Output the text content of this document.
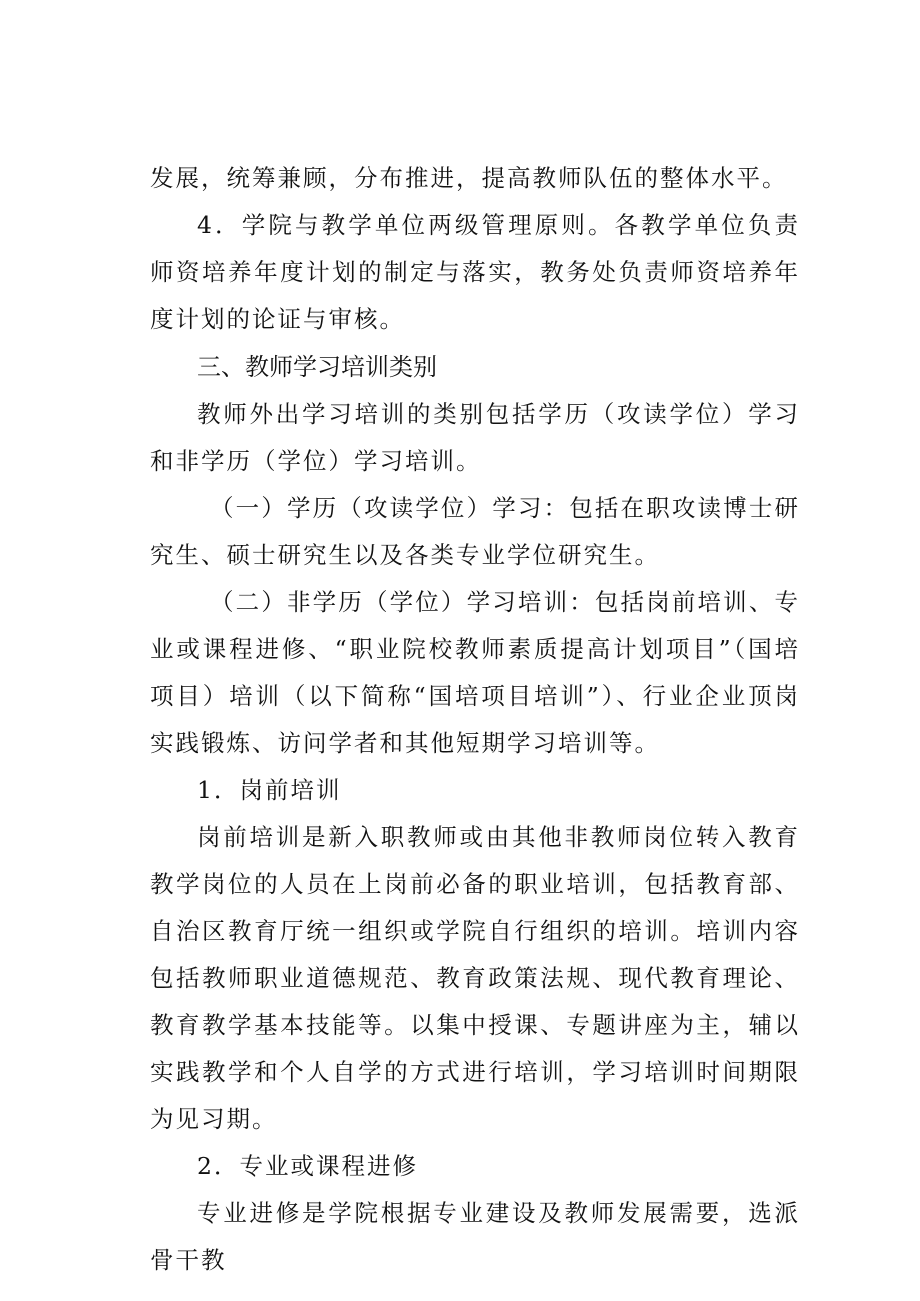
发展，统筹兼顾，分布推进，提高教师队伍的整体水平。

4．学院与教学单位两级管理原则。各教学单位负责师资培养年度计划的制定与落实，教务处负责师资培养年度计划的论证与审核。

三、教师学习培训类别

教师外出学习培训的类别包括学历（攻读学位）学习和非学历（学位）学习培训。

（一）学历（攻读学位）学习：包括在职攻读博士研究生、硕士研究生以及各类专业学位研究生。

（二）非学历（学位）学习培训：包括岗前培训、专业或课程进修、“职业院校教师素质提高计划项目”（国培项目）培训（以下简称“国培项目培训”）、行业企业顶岗实践锻炼、访问学者和其他短期学习培训等。

1．岗前培训

岗前培训是新入职教师或由其他非教师岗位转入教育教学岗位的人员在上岗前必备的职业培训，包括教育部、自治区教育厅统一组织或学院自行组织的培训。培训内容包括教师职业道德规范、教育政策法规、现代教育理论、教育教学基本技能等。以集中授课、专题讲座为主，辅以实践教学和个人自学的方式进行培训，学习培训时间期限为见习期。

2．专业或课程进修

专业进修是学院根据专业建设及教师发展需要，选派骨干教
